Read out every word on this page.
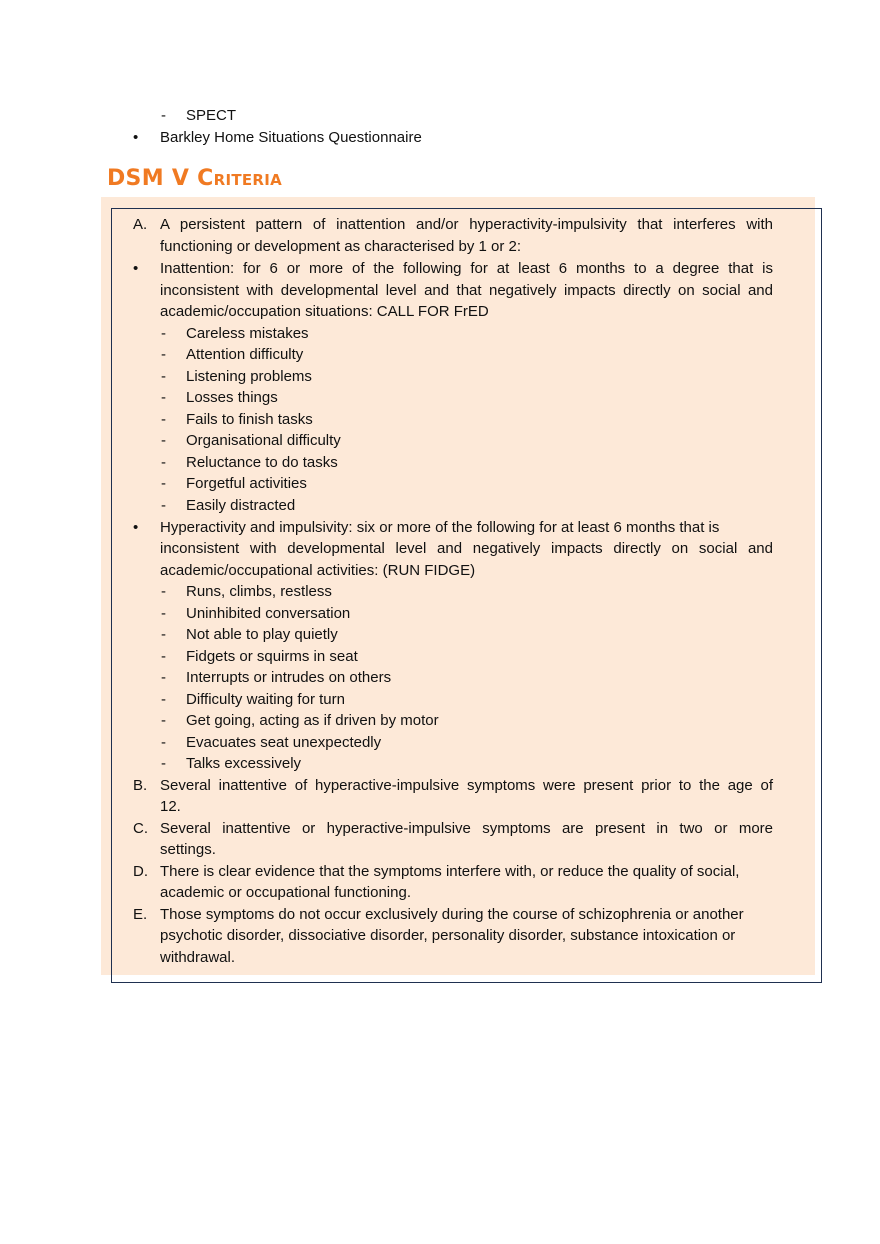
- SPECT
• Barkley Home Situations Questionnaire
DSM V Criteria
A. A persistent pattern of inattention and/or hyperactivity-impulsivity that interferes with
functioning or development as characterised by 1 or 2:
• Inattention: for 6 or more of the following for at least 6 months to a degree that is
inconsistent with developmental level and that negatively impacts directly on social and
academic/occupation situations: CALL FOR FrED
- Careless mistakes
- Attention difficulty
- Listening problems
- Losses things
- Fails to finish tasks
- Organisational difficulty
- Reluctance to do tasks
- Forgetful activities
- Easily distracted
• Hyperactivity and impulsivity: six or more of the following for at least 6 months that is
inconsistent with developmental level and negatively impacts directly on social and
academic/occupational activities: (RUN FIDGE)
- Runs, climbs, restless
- Uninhibited conversation
- Not able to play quietly
- Fidgets or squirms in seat
- Interrupts or intrudes on others
- Difficulty waiting for turn
- Get going, acting as if driven by motor
- Evacuates seat unexpectedly
- Talks excessively
B. Several inattentive of hyperactive-impulsive symptoms were present prior to the age of
12.
C. Several inattentive or hyperactive-impulsive symptoms are present in two or more
settings.
D. There is clear evidence that the symptoms interfere with, or reduce the quality of social,
academic or occupational functioning.
E. Those symptoms do not occur exclusively during the course of schizophrenia or another
psychotic disorder, dissociative disorder, personality disorder, substance intoxication or
withdrawal.
